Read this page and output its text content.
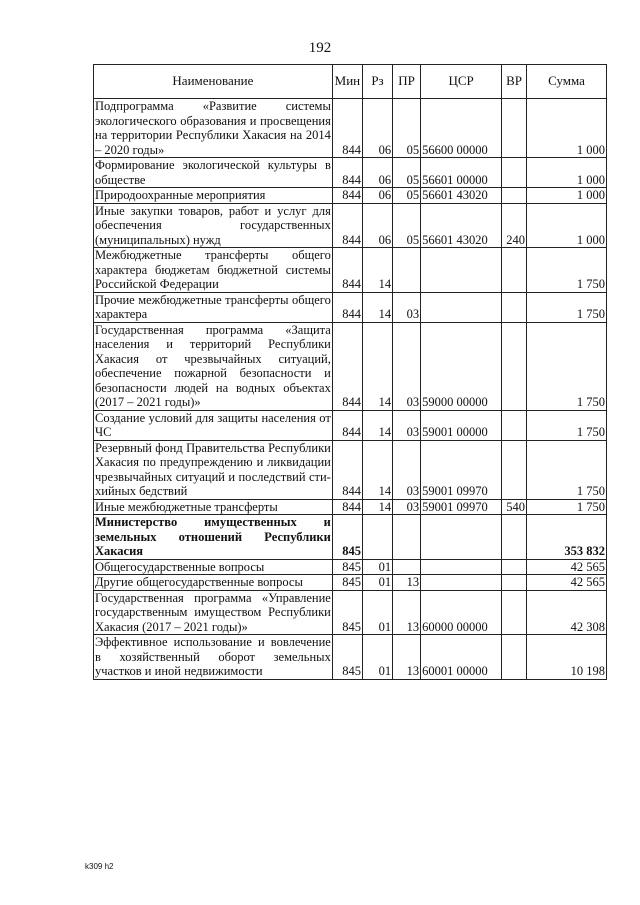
192
Наименование	Мин	Рз	ПР	ЦСР	ВР	Сумма
Подпрограмма «Развитие системы экологического образования и просвещения на территории Республики Хакасия на 2014 – 2020 годы»	844	06	05	56600 00000		1 000
Формирование экологической культуры в обществе	844	06	05	56601 00000		1 000
Природоохранные мероприятия	844	06	05	56601 43020		1 000
Иные закупки товаров, работ и услуг для обеспечения государственных (муниципальных) нужд	844	06	05	56601 43020	240	1 000
Межбюджетные трансферты общего характера бюджетам бюджетной системы Российской Федерации	844	14				1 750
Прочие межбюджетные трансферты общего характера	844	14	03			1 750
Государственная программа «Защита населения и территорий Республики Хакасия от чрезвычайных ситуаций, обеспечение пожарной безопасности и безопасности людей на водных объектах (2017 – 2021 годы)»	844	14	03	59000 00000		1 750
Создание условий для защиты населения от ЧС	844	14	03	59001 00000		1 750
Резервный фонд Правительства Республики Хакасия по предупреждению и ликвидации чрезвычайных ситуаций и последствий стихийных бедствий	844	14	03	59001 09970		1 750
Иные межбюджетные трансферты	844	14	03	59001 09970	540	1 750
Министерство имущественных и земельных отношений Республики Хакасия	845					353 832
Общегосударственные вопросы	845	01				42 565
Другие общегосударственные вопросы	845	01	13			42 565
Государственная программа «Управление государственным имуществом Республики Хакасия (2017 – 2021 годы)»	845	01	13	60000 00000		42 308
Эффективное использование и вовлечение в хозяйственный оборот земельных участков и иной недвижимости	845	01	13	60001 00000		10 198
k309 h2
